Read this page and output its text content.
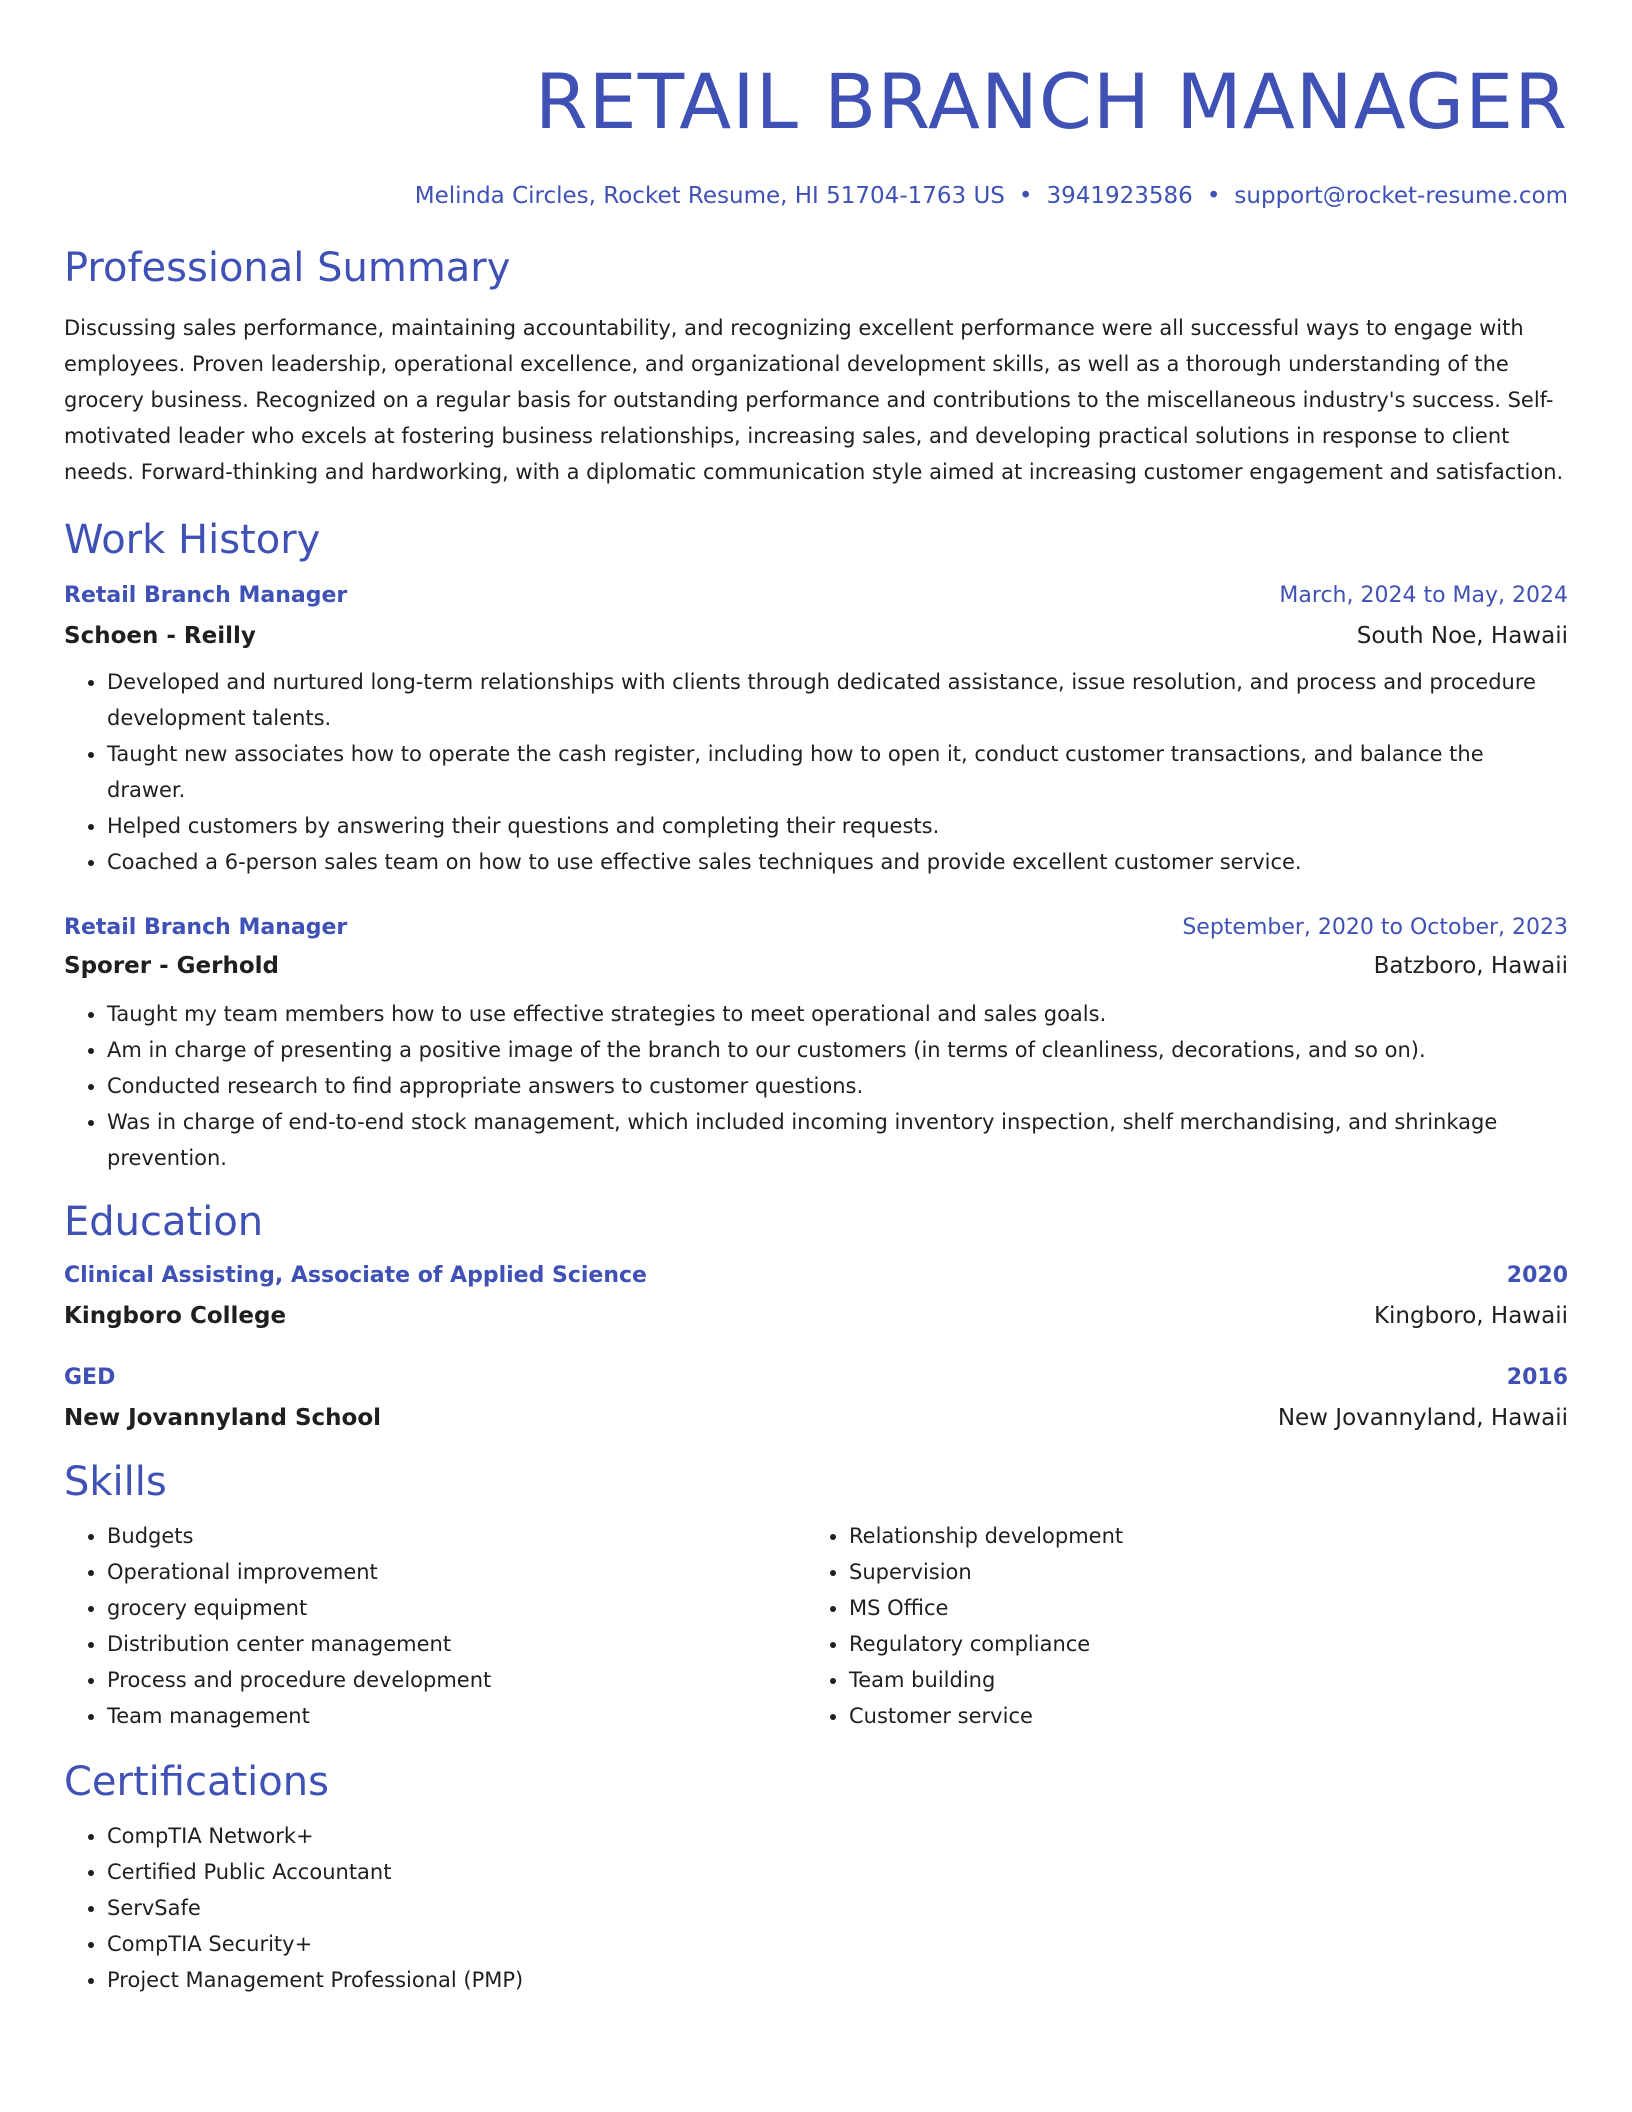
RETAIL BRANCH MANAGER
Melinda Circles, Rocket Resume, HI 51704-1763 US • 3941923586 • support@rocket-resume.com
Professional Summary

Discussing sales performance, maintaining accountability, and recognizing excellent performance were all successful ways to engage with employees. Proven leadership, operational excellence, and organizational development skills, as well as a thorough understanding of the grocery business. Recognized on a regular basis for outstanding performance and contributions to the miscellaneous industry's success. Self-motivated leader who excels at fostering business relationships, increasing sales, and developing practical solutions in response to client needs. Forward-thinking and hardworking, with a diplomatic communication style aimed at increasing customer engagement and satisfaction.

Work History
Retail Branch Manager	March, 2024 to May, 2024
Schoen - Reilly	South Noe, Hawaii
• Developed and nurtured long-term relationships with clients through dedicated assistance, issue resolution, and process and procedure development talents.
• Taught new associates how to operate the cash register, including how to open it, conduct customer transactions, and balance the drawer.
• Helped customers by answering their questions and completing their requests.
• Coached a 6-person sales team on how to use effective sales techniques and provide excellent customer service.
Retail Branch Manager	September, 2020 to October, 2023
Sporer - Gerhold	Batzboro, Hawaii
• Taught my team members how to use effective strategies to meet operational and sales goals.
• Am in charge of presenting a positive image of the branch to our customers (in terms of cleanliness, decorations, and so on).
• Conducted research to find appropriate answers to customer questions.
• Was in charge of end-to-end stock management, which included incoming inventory inspection, shelf merchandising, and shrinkage prevention.
Education
Clinical Assisting, Associate of Applied Science	2020
Kingboro College	Kingboro, Hawaii
GED	2016
New Jovannyland School	New Jovannyland, Hawaii
Skills
• Budgets
• Operational improvement
• grocery equipment
• Distribution center management
• Process and procedure development
• Team management
• Relationship development
• Supervision
• MS Office
• Regulatory compliance
• Team building
• Customer service
Certifications
• CompTIA Network+
• Certified Public Accountant
• ServSafe
• CompTIA Security+
• Project Management Professional (PMP)
